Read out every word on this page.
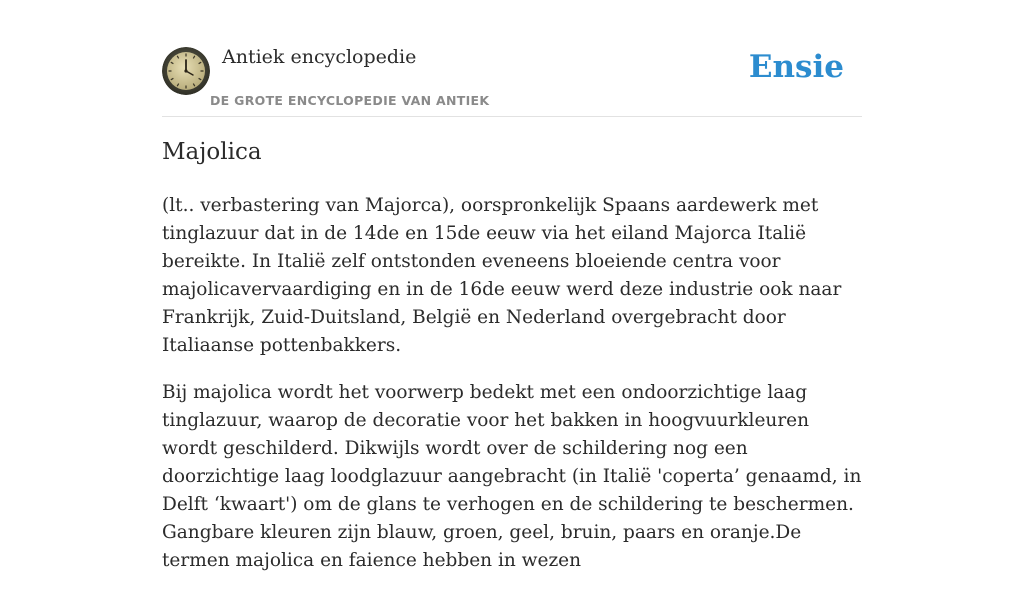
Antiek encyclopedie
DE GROTE ENCYCLOPEDIE VAN ANTIEK
Ensie
Majolica

(lt.. verbastering van Majorca), oorspronkelijk Spaans aardewerk met tinglazuur dat in de 14de en 15de eeuw via het eiland Majorca Italië bereikte. In Italië zelf ontstonden eveneens bloeiende centra voor majolicavervaardiging en in de 16de eeuw werd deze industrie ook naar Frankrijk, Zuid-Duitsland, België en Nederland overgebracht door Italiaanse pottenbakkers.

Bij majolica wordt het voorwerp bedekt met een ondoorzichtige laag tinglazuur, waarop de decoratie voor het bakken in hoogvuurkleuren wordt geschilderd. Dikwijls wordt over de schildering nog een doorzichtige laag loodglazuur aangebracht (in Italië 'coperta’ genaamd, in Delft ‘kwaart') om de glans te verhogen en de schildering te beschermen. Gangbare kleuren zijn blauw, groen, geel, bruin, paars en oranje.De termen majolica en faience hebben in wezen
